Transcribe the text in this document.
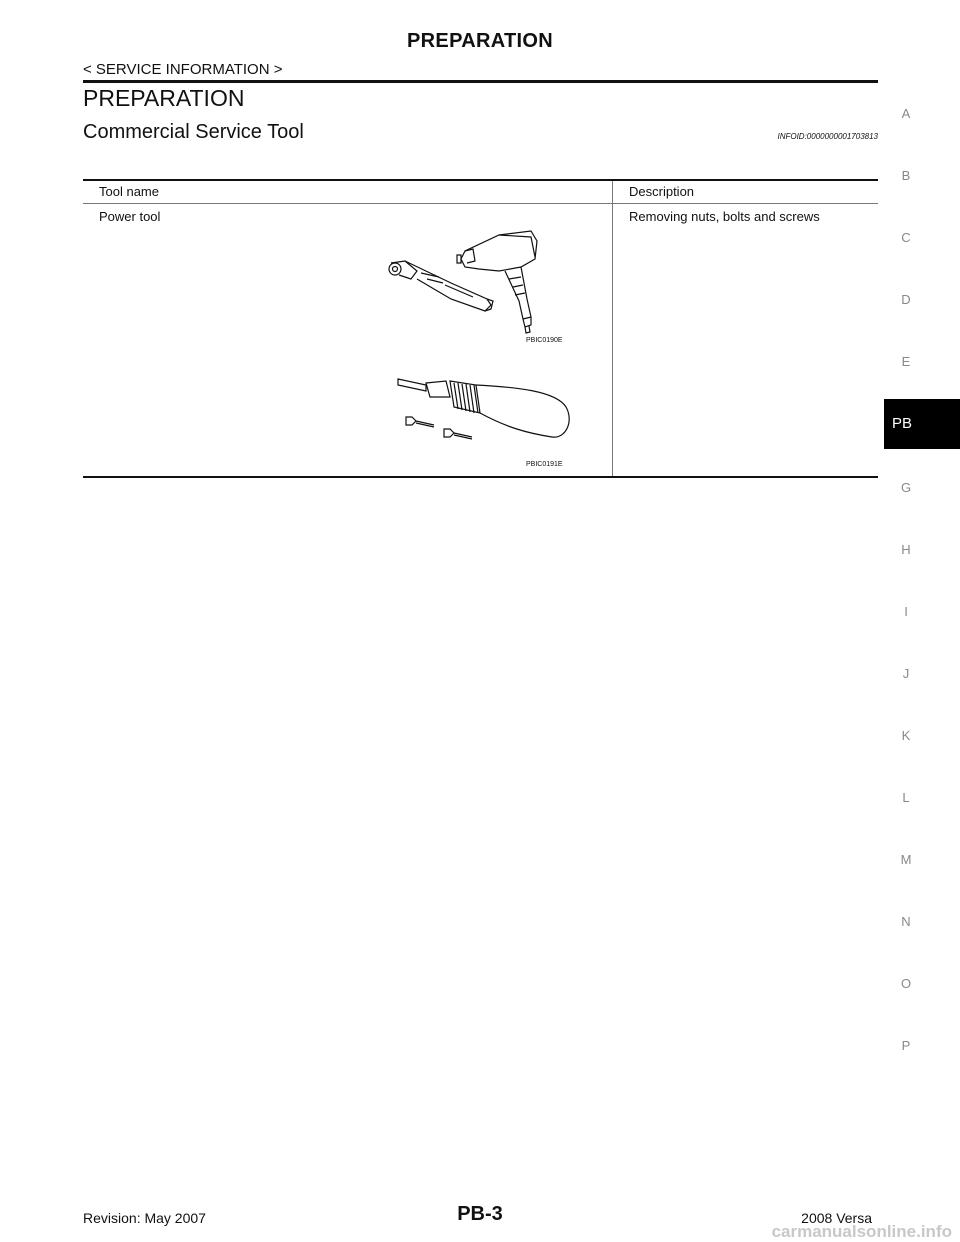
PREPARATION
< SERVICE INFORMATION >
PREPARATION
Commercial Service Tool	INFOID:0000000001703813
Tool name	Description
Power tool	Removing nuts, bolts and screws
PBIC0190E
PBIC0191E
A
B
C
D
E
PB
G
H
I
J
K
L
M
N
O
P
Revision: May 2007	PB-3	2008 Versa
carmanualsonline.info
